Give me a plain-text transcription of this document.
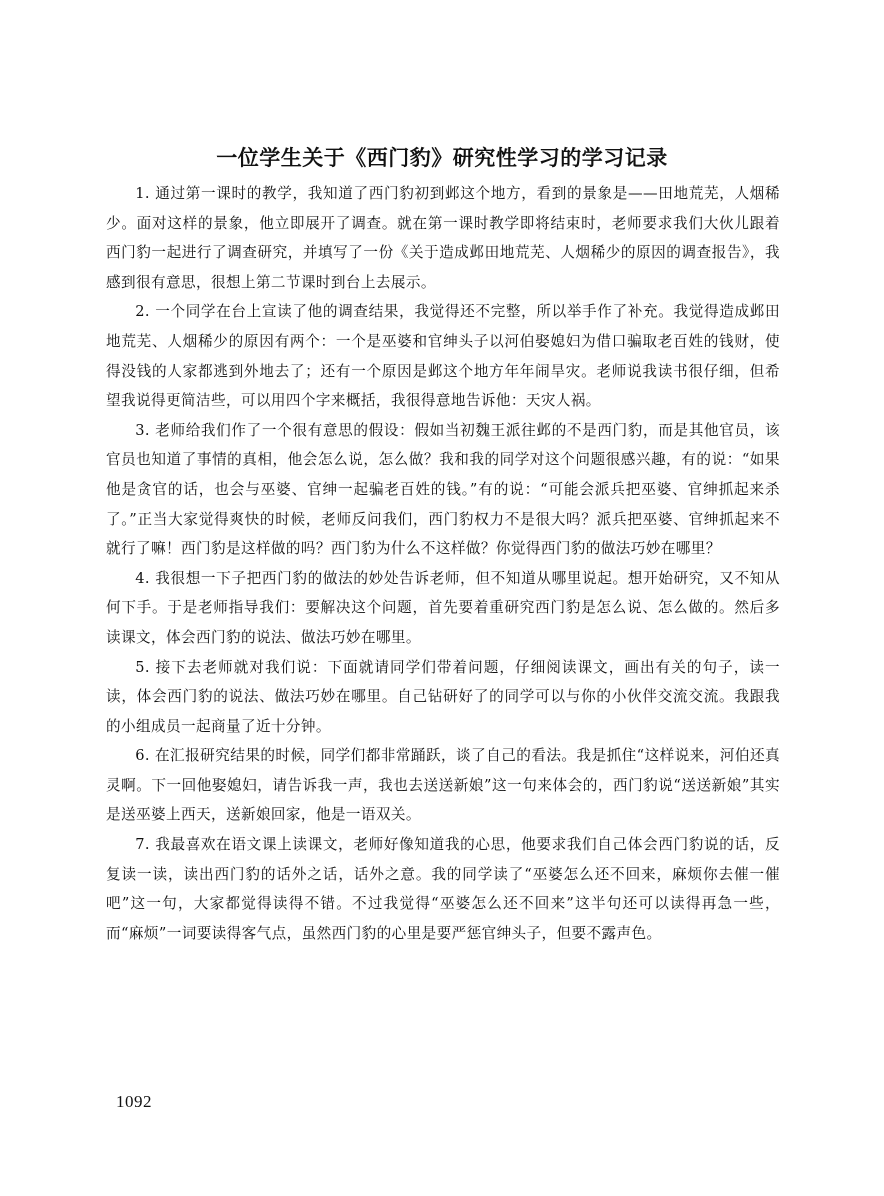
一位学生关于《西门豹》研究性学习的学习记录

1. 通过第一课时的教学，我知道了西门豹初到邺这个地方，看到的景象是——田地荒芜，人烟稀少。面对这样的景象，他立即展开了调查。就在第一课时教学即将结束时，老师要求我们大伙儿跟着西门豹一起进行了调查研究，并填写了一份《关于造成邺田地荒芜、人烟稀少的原因的调查报告》，我感到很有意思，很想上第二节课时到台上去展示。

2. 一个同学在台上宣读了他的调查结果，我觉得还不完整，所以举手作了补充。我觉得造成邺田地荒芜、人烟稀少的原因有两个：一个是巫婆和官绅头子以河伯娶媳妇为借口骗取老百姓的钱财，使得没钱的人家都逃到外地去了；还有一个原因是邺这个地方年年闹旱灾。老师说我读书很仔细，但希望我说得更简洁些，可以用四个字来概括，我很得意地告诉他：天灾人祸。

3. 老师给我们作了一个很有意思的假设：假如当初魏王派往邺的不是西门豹，而是其他官员，该官员也知道了事情的真相，他会怎么说，怎么做？我和我的同学对这个问题很感兴趣，有的说：“如果他是贪官的话，也会与巫婆、官绅一起骗老百姓的钱。”有的说：“可能会派兵把巫婆、官绅抓起来杀了。”正当大家觉得爽快的时候，老师反问我们，西门豹权力不是很大吗？派兵把巫婆、官绅抓起来不就行了嘛！西门豹是这样做的吗？西门豹为什么不这样做？你觉得西门豹的做法巧妙在哪里？

4. 我很想一下子把西门豹的做法的妙处告诉老师，但不知道从哪里说起。想开始研究，又不知从何下手。于是老师指导我们：要解决这个问题，首先要着重研究西门豹是怎么说、怎么做的。然后多读课文，体会西门豹的说法、做法巧妙在哪里。

5. 接下去老师就对我们说：下面就请同学们带着问题，仔细阅读课文，画出有关的句子，读一读，体会西门豹的说法、做法巧妙在哪里。自己钻研好了的同学可以与你的小伙伴交流交流。我跟我的小组成员一起商量了近十分钟。

6. 在汇报研究结果的时候，同学们都非常踊跃，谈了自己的看法。我是抓住“这样说来，河伯还真灵啊。下一回他娶媳妇，请告诉我一声，我也去送送新娘”这一句来体会的，西门豹说“送送新娘”其实是送巫婆上西天，送新娘回家，他是一语双关。

7. 我最喜欢在语文课上读课文，老师好像知道我的心思，他要求我们自己体会西门豹说的话，反复读一读，读出西门豹的话外之话，话外之意。我的同学读了“巫婆怎么还不回来，麻烦你去催一催吧”这一句，大家都觉得读得不错。不过我觉得“巫婆怎么还不回来”这半句还可以读得再急一些，而“麻烦”一词要读得客气点，虽然西门豹的心里是要严惩官绅头子，但要不露声色。

1092
